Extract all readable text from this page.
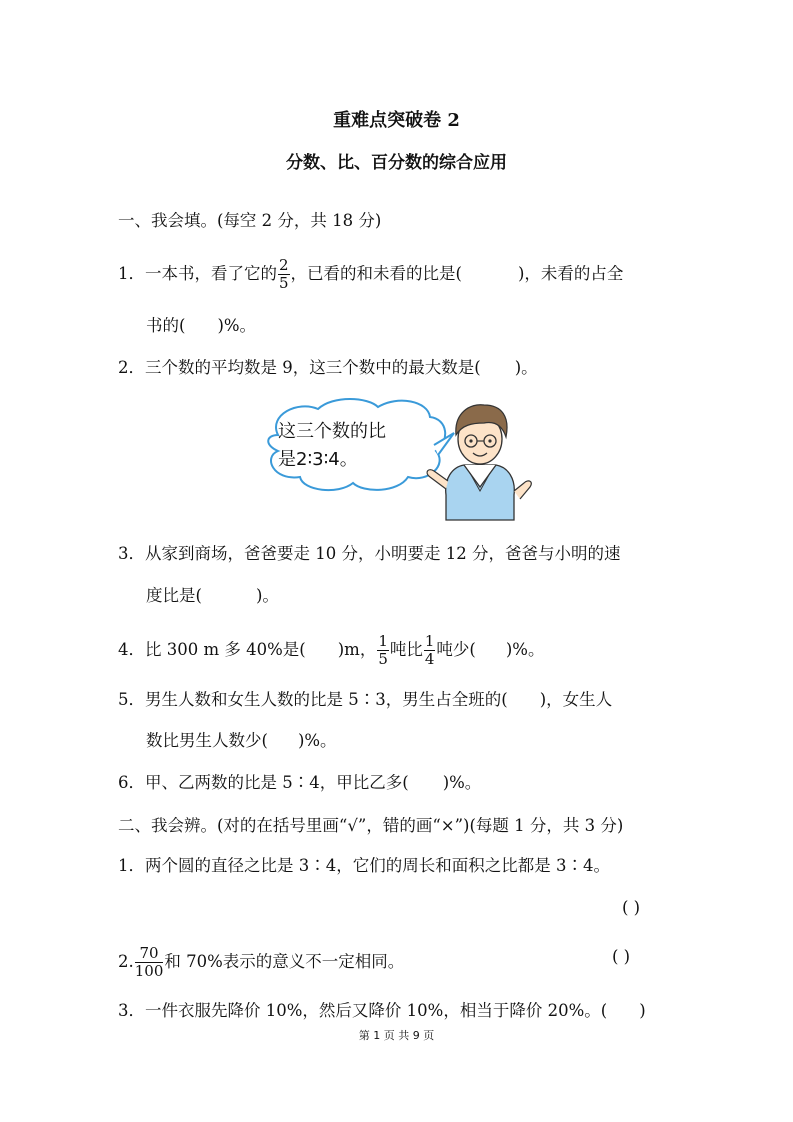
重难点突破卷 2
分数、比、百分数的综合应用
一、我会填。(每空 2 分，共 18 分)
1．一本书，看了它的 $\frac{2}{5}$ ，已看的和未看的比是(	)，未看的占全
书的( )%。
2．三个数的平均数是 9，这三个数中的最大数是( )。
这三个数的比
是2∶3∶4。
3．从家到商场，爸爸要走 10 分，小明要走 12 分，爸爸与小明的速
度比是(	)。
4．比 300 m 多 40%是( )m， $\frac{1}{5}$ 吨比 $\frac{1}{4}$ 吨少( )%。
5．男生人数和女生人数的比是 5∶3，男生占全班的( )，女生人
数比男生人数少( )%。
6．甲、乙两数的比是 5∶4，甲比乙多( )%。
二、我会辨。(对的在括号里画“√”，错的画“×”)(每题 1 分，共 3 分)
1．两个圆的直径之比是 3∶4，它们的周长和面积之比都是 3∶4。
( )
2. $\frac{70}{100}$ 和 70%表示的意义不一定相同。	( )
3．一件衣服先降价 10%，然后又降价 10%，相当于降价 20%。( )
第 1 页 共 9 页
